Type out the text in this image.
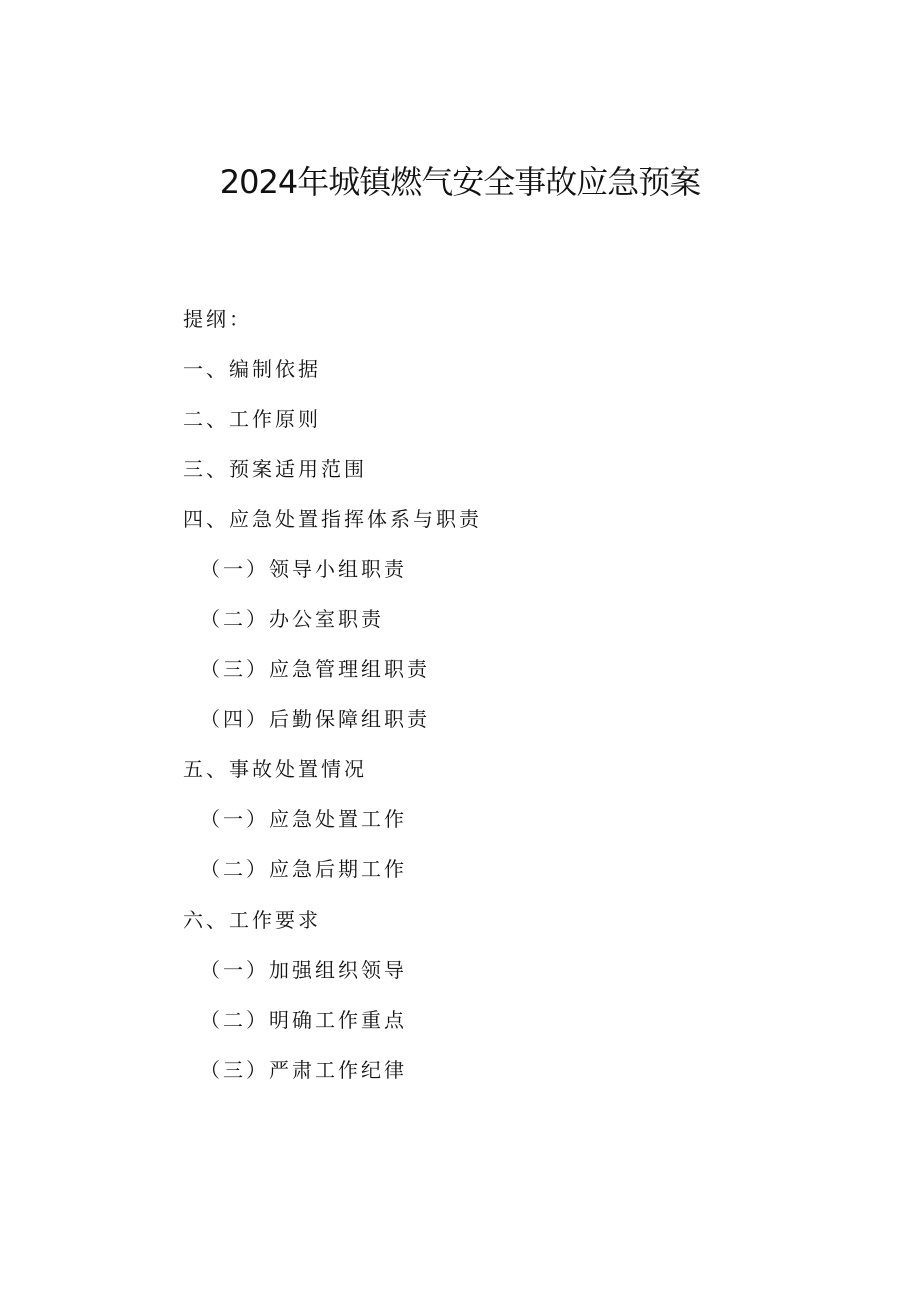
2024年城镇燃气安全事故应急预案
提纲：
一、编制依据
二、工作原则
三、预案适用范围
四、应急处置指挥体系与职责
（一）领导小组职责
（二）办公室职责
（三）应急管理组职责
（四）后勤保障组职责
五、事故处置情况
（一）应急处置工作
（二）应急后期工作
六、工作要求
（一）加强组织领导
（二）明确工作重点
（三）严肃工作纪律
